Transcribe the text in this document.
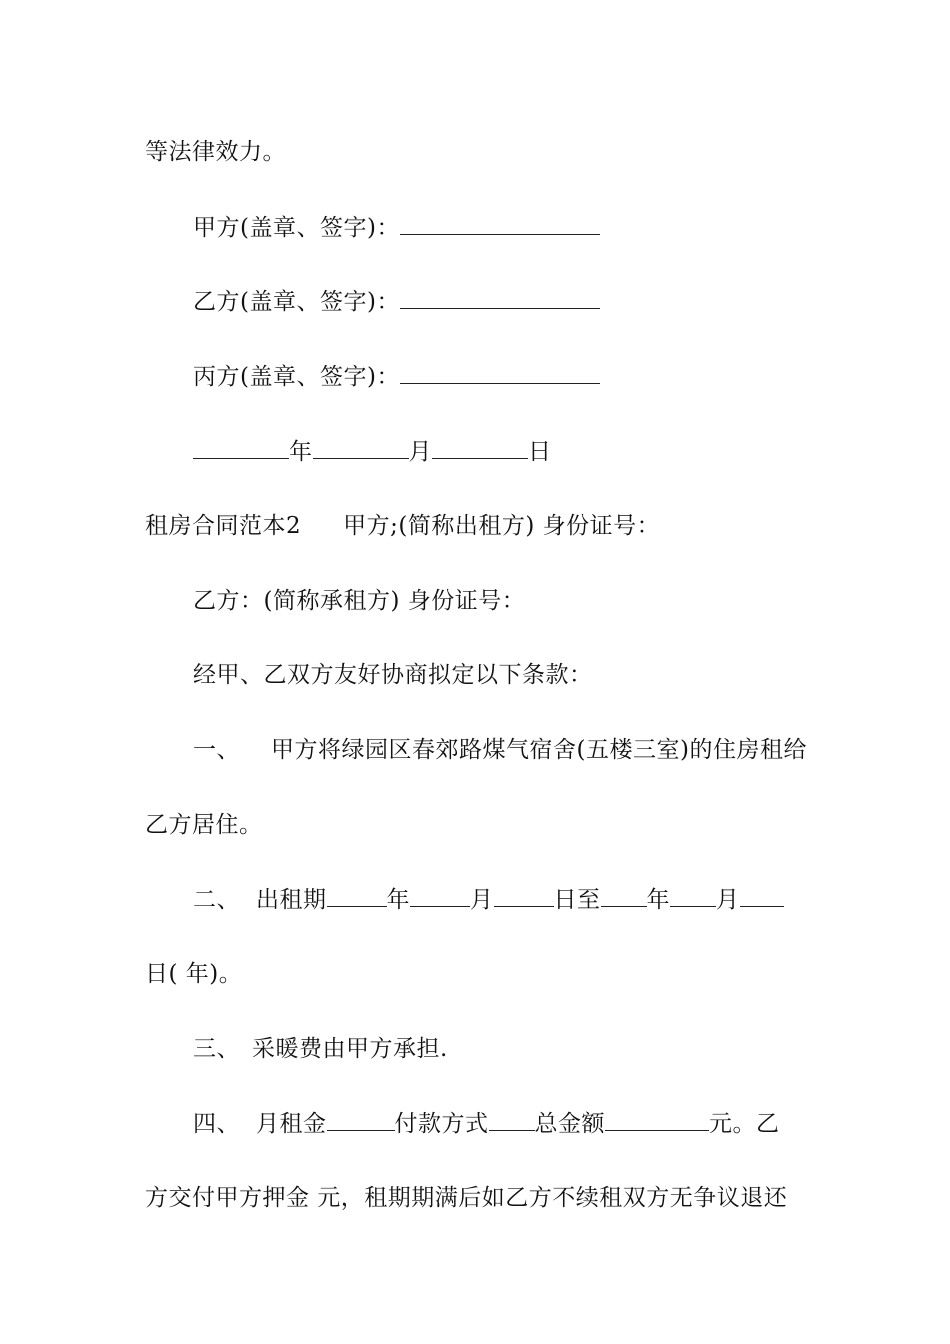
等法律效力。
甲方(盖章、签字)：
乙方(盖章、签字)：
丙方(盖章、签字)：
年	月	日
租房合同范本2 甲方;(简称出租方) 身份证号：
乙方：(简称承租方) 身份证号：
经甲、乙双方友好协商拟定以下条款：
一、 甲方将绿园区春郊路煤气宿舍(五楼三室)的住房租给
乙方居住。
二、 出租期	年	月	日至 年 月
日( 年)。
三、 采暖费由甲方承担.
四、 月租金	付款方式 总金额	元。乙
方交付甲方押金 元，租期期满后如乙方不续租双方无争议退还
